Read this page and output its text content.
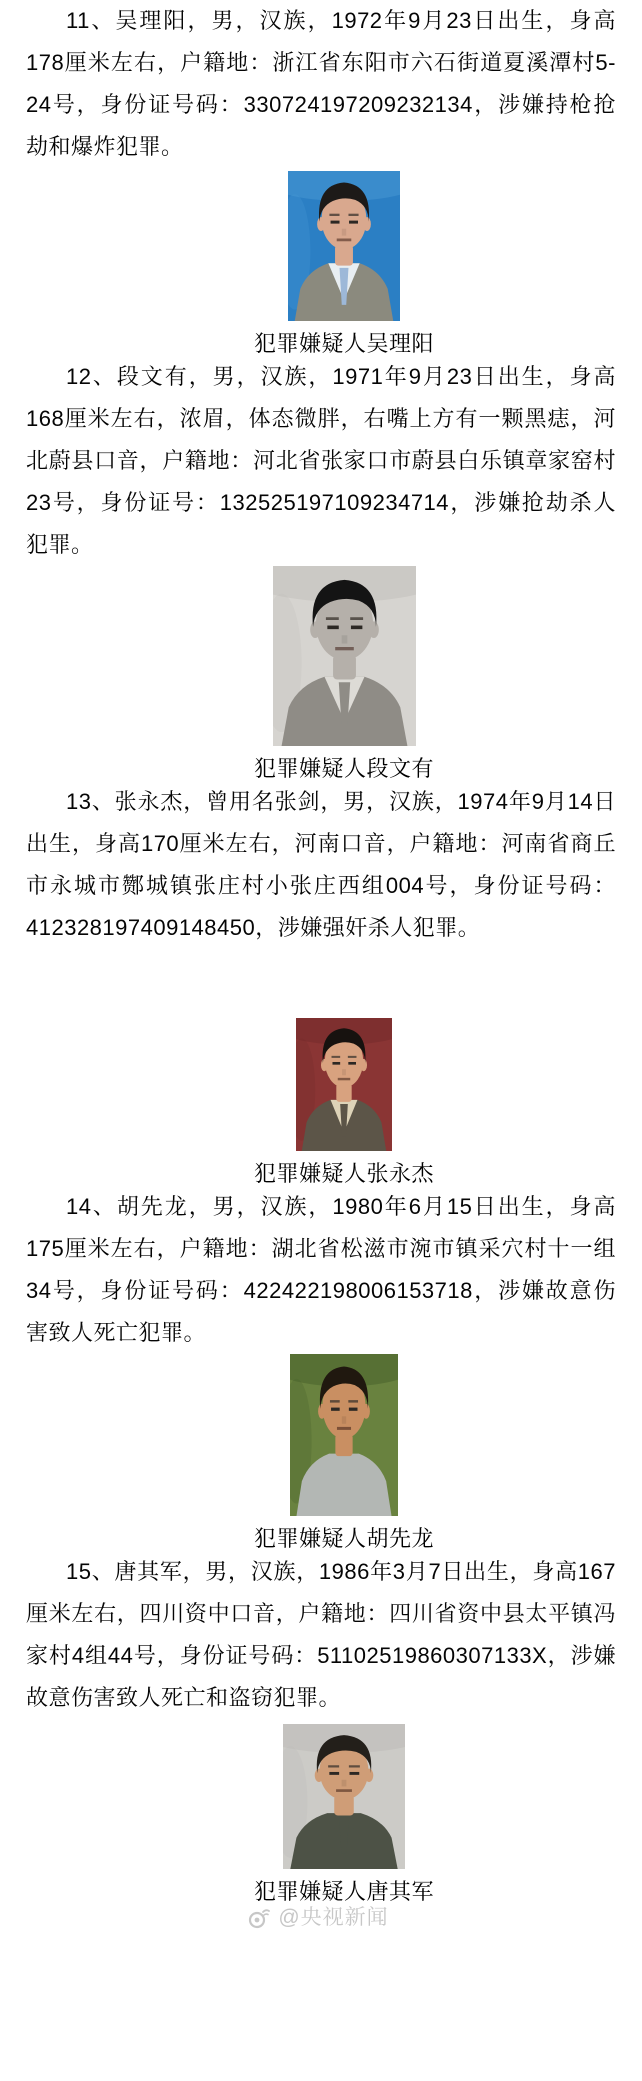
11、吴理阳，男，汉族，1972年9月23日出生，身高178厘米左右，户籍地：浙江省东阳市六石街道夏溪潭村5-24号，身份证号码：330724197209232134，涉嫌持枪抢劫和爆炸犯罪。

犯罪嫌疑人吴理阳

12、段文有，男，汉族，1971年9月23日出生，身高168厘米左右，浓眉，体态微胖，右嘴上方有一颗黑痣，河北蔚县口音，户籍地：河北省张家口市蔚县白乐镇章家窑村23号，身份证号：132525197109234714，涉嫌抢劫杀人犯罪。

犯罪嫌疑人段文有

13、张永杰，曾用名张剑，男，汉族，1974年9月14日出生，身高170厘米左右，河南口音，户籍地：河南省商丘市永城市酂城镇张庄村小张庄西组004号，身份证号码：412328197409148450，涉嫌强奸杀人犯罪。

犯罪嫌疑人张永杰

14、胡先龙，男，汉族，1980年6月15日出生，身高175厘米左右，户籍地：湖北省松滋市涴市镇采穴村十一组34号，身份证号码：422422198006153718，涉嫌故意伤害致人死亡犯罪。

犯罪嫌疑人胡先龙

15、唐其军，男，汉族，1986年3月7日出生，身高167厘米左右，四川资中口音，户籍地：四川省资中县太平镇冯家村4组44号，身份证号码：51102519860307133X，涉嫌故意伤害致人死亡和盗窃犯罪。

犯罪嫌疑人唐其军
@央视新闻
